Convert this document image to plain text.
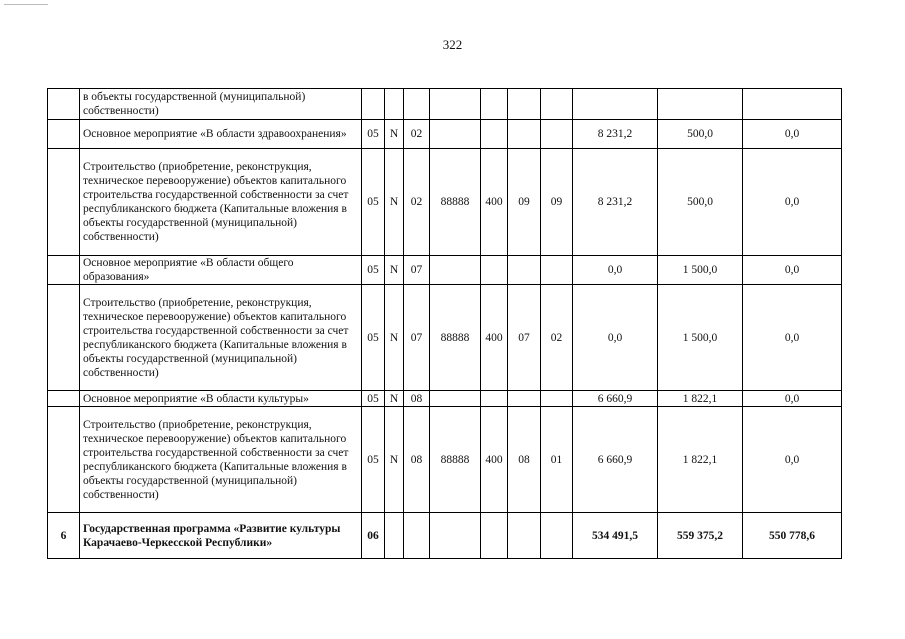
322
	в объекты государственной (муниципальной) собственности)										
	Основное мероприятие «В области здравоохранения»	05	N	02					8 231,2	500,0	0,0
	Строительство (приобретение, реконструкция, техническое перевооружение) объектов капитального строительства государственной собственности за счет республиканского бюджета (Капитальные вложения в объекты государственной (муниципальной) собственности)	05	N	02	88888	400	09	09	8 231,2	500,0	0,0
	Основное мероприятие «В области общего образования»	05	N	07					0,0	1 500,0	0,0
	Строительство (приобретение, реконструкция, техническое перевооружение) объектов капитального строительства государственной собственности за счет республиканского бюджета (Капитальные вложения в объекты государственной (муниципальной) собственности)	05	N	07	88888	400	07	02	0,0	1 500,0	0,0
	Основное мероприятие «В области культуры»	05	N	08					6 660,9	1 822,1	0,0
	Строительство (приобретение, реконструкция, техническое перевооружение) объектов капитального строительства государственной собственности за счет республиканского бюджета (Капитальные вложения в объекты государственной (муниципальной) собственности)	05	N	08	88888	400	08	01	6 660,9	1 822,1	0,0
6	Государственная программа «Развитие культуры Карачаево-Черкесской Республики»	06							534 491,5	559 375,2	550 778,6
